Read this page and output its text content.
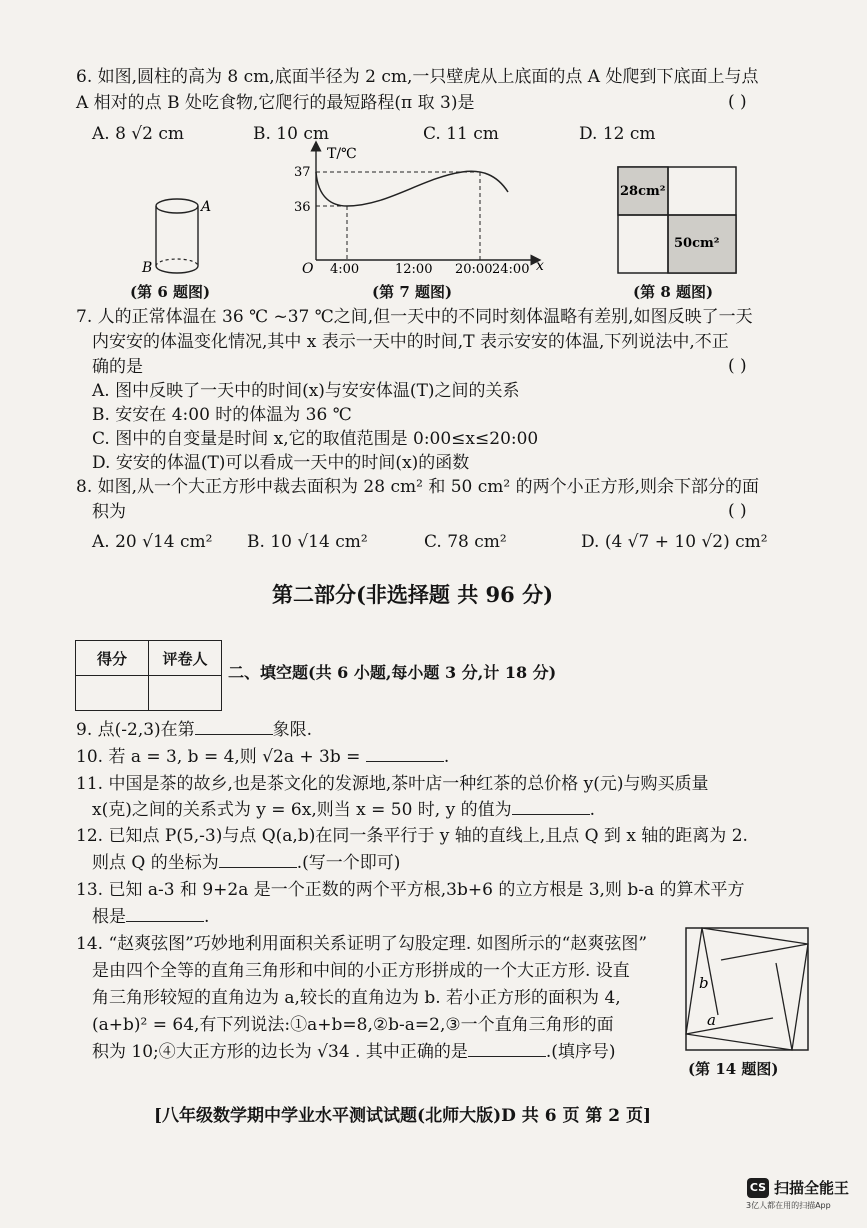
6. 如图,圆柱的高为 8 cm,底面半径为 2 cm,一只壁虎从上底面的点 A 处爬到下底面上与点
A 相对的点 B 处吃食物,它爬行的最短路程(π 取 3)是	( )
A. 8 √2 cm	B. 10 cm	C. 11 cm	D. 12 cm
A
B
(第 6 题图)
T/℃
x
O
37
36
4:00	12:00 20:00 24:00
(第 7 题图)
28cm²
50cm²
(第 8 题图)
7. 人的正常体温在 36 ℃ ~37 ℃之间,但一天中的不同时刻体温略有差别,如图反映了一天
内安安的体温变化情况,其中 x 表示一天中的时间,T 表示安安的体温,下列说法中,不正
确的是	( )
A. 图中反映了一天中的时间(x)与安安体温(T)之间的关系
B. 安安在 4:00 时的体温为 36 ℃
C. 图中的自变量是时间 x,它的取值范围是 0:00≤x≤20:00
D. 安安的体温(T)可以看成一天中的时间(x)的函数
8. 如图,从一个大正方形中裁去面积为 28 cm² 和 50 cm² 的两个小正方形,则余下部分的面
积为	( )
A. 20 √14 cm² B. 10 √14 cm²	C. 78 cm²	D. (4 √7 + 10 √2) cm²
第二部分(非选择题 共 96 分)
得分	评卷人

二、填空题(共 6 小题,每小题 3 分,计 18 分)
9. 点(-2,3)在第	象限.
10. 若 a = 3, b = 4,则 √2a + 3b =	.
11. 中国是茶的故乡,也是茶文化的发源地,茶叶店一种红茶的总价格 y(元)与购买质量
x(克)之间的关系式为 y = 6x,则当 x = 50 时, y 的值为	.
12. 已知点 P(5,-3)与点 Q(a,b)在同一条平行于 y 轴的直线上,且点 Q 到 x 轴的距离为 2.
则点 Q 的坐标为	.(写一个即可)
13. 已知 a-3 和 9+2a 是一个正数的两个平方根,3b+6 的立方根是 3,则 b-a 的算术平方
根是	.
14. “赵爽弦图”巧妙地利用面积关系证明了勾股定理. 如图所示的“赵爽弦图”
是由四个全等的直角三角形和中间的小正方形拼成的一个大正方形. 设直
角三角形较短的直角边为 a,较长的直角边为 b. 若小正方形的面积为 4,
(a+b)² = 64,有下列说法:①a+b=8,②b-a=2,③一个直角三角形的面
积为 10;④大正方形的边长为 √34 . 其中正确的是	.(填序号)
b
a
(第 14 题图)
[八年级数学期中学业水平测试试题(北师大版)D 共 6 页 第 2 页]
CS 扫描全能王
3亿人都在用的扫描App
